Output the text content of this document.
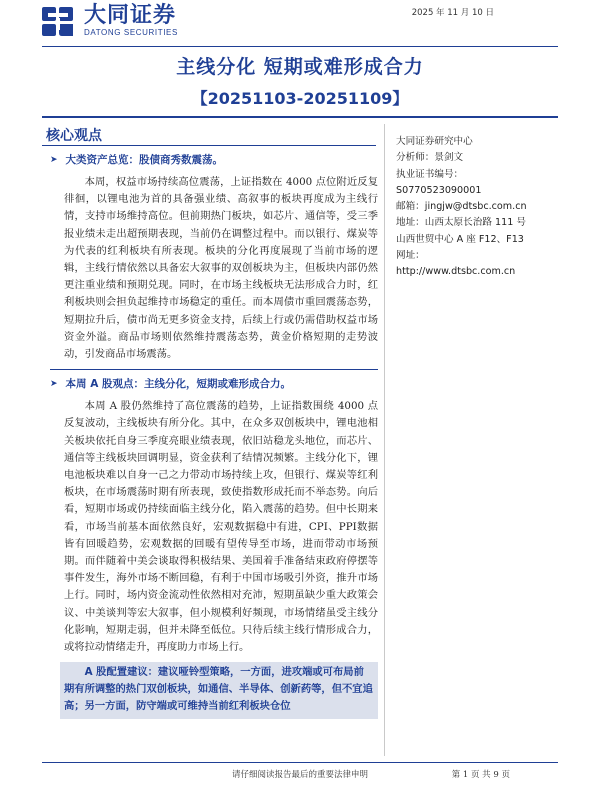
大同证券
DATONG SECURITIES
2025 年 11 月 10 日
主线分化 短期或难形成合力
【20251103-20251109】
核心观点
➤ 大类资产总览：股债商秀数震荡。

本周，权益市场持续高位震荡，上证指数在 4000 点位附近反复徘徊，以锂电池为首的具备强业绩、高叙事的板块再度成为主线行情，支持市场维持高位。但前期热门板块，如芯片、通信等，受三季报业绩未走出超预期表现，当前仍在调整过程中。而以银行、煤炭等为代表的红利板块有所表现。板块的分化再度展现了当前市场的逻辑，主线行情依然以具备宏大叙事的双创板块为主，但板块内部仍然更注重业绩和预期兑现。同时，在市场主线板块无法形成合力时，红利板块则会担负起维持市场稳定的重任。而本周债市重回震荡态势，短期拉升后，债市尚无更多资金支持，后续上行或仍需借助权益市场资金外溢。商品市场则依然维持震荡态势，黄金价格短期的走势波动，引发商品市场震荡。

➤ 本周 A 股观点：主线分化，短期或难形成合力。

本周 A 股仍然维持了高位震荡的趋势，上证指数围绕 4000 点反复波动，主线板块有所分化。其中，在众多双创板块中，锂电池相关板块依托自身三季度亮眼业绩表现，依旧站稳龙头地位，而芯片、通信等主线板块回调明显，资金获利了结情况频繁。主线分化下，锂电池板块难以自身一己之力带动市场持续上攻，但银行、煤炭等红利板块，在市场震荡时期有所表现，致使指数形成托而不举态势。向后看，短期市场或仍持续面临主线分化，陷入震荡的趋势。但中长期来看，市场当前基本面依然良好，宏观数据稳中有进，CPI、PPI数据皆有回暖趋势，宏观数据的回暖有望传导至市场，进而带动市场预期。而伴随着中美会谈取得积极结果、美国着手准备结束政府停摆等事件发生，海外市场不断回稳，有利于中国市场吸引外资，推升市场上行。同时，场内资金流动性依然相对充沛，短期虽缺少重大政策会议、中美谈判等宏大叙事，但小规模利好频现，市场情绪虽受主线分化影响，短期走弱，但并未降至低位。只待后续主线行情形成合力，或将拉动情绪走升，再度助力市场上行。

A 股配置建议：建议哑铃型策略，一方面，进攻端或可布局前期有所调整的热门双创板块，如通信、半导体、创新药等，但不宜追高；另一方面，防守端或可维持当前红利板块仓位
大同证券研究中心
分析师：景剑文
执业证书编号：
S0770523090001
邮箱：jingjw@dtsbc.com.cn
地址：山西太原长治路 111 号
山西世贸中心 A 座 F12、F13
网址：
http://www.dtsbc.com.cn
请仔细阅读报告最后的重要法律申明	第 1 页 共 9 页
